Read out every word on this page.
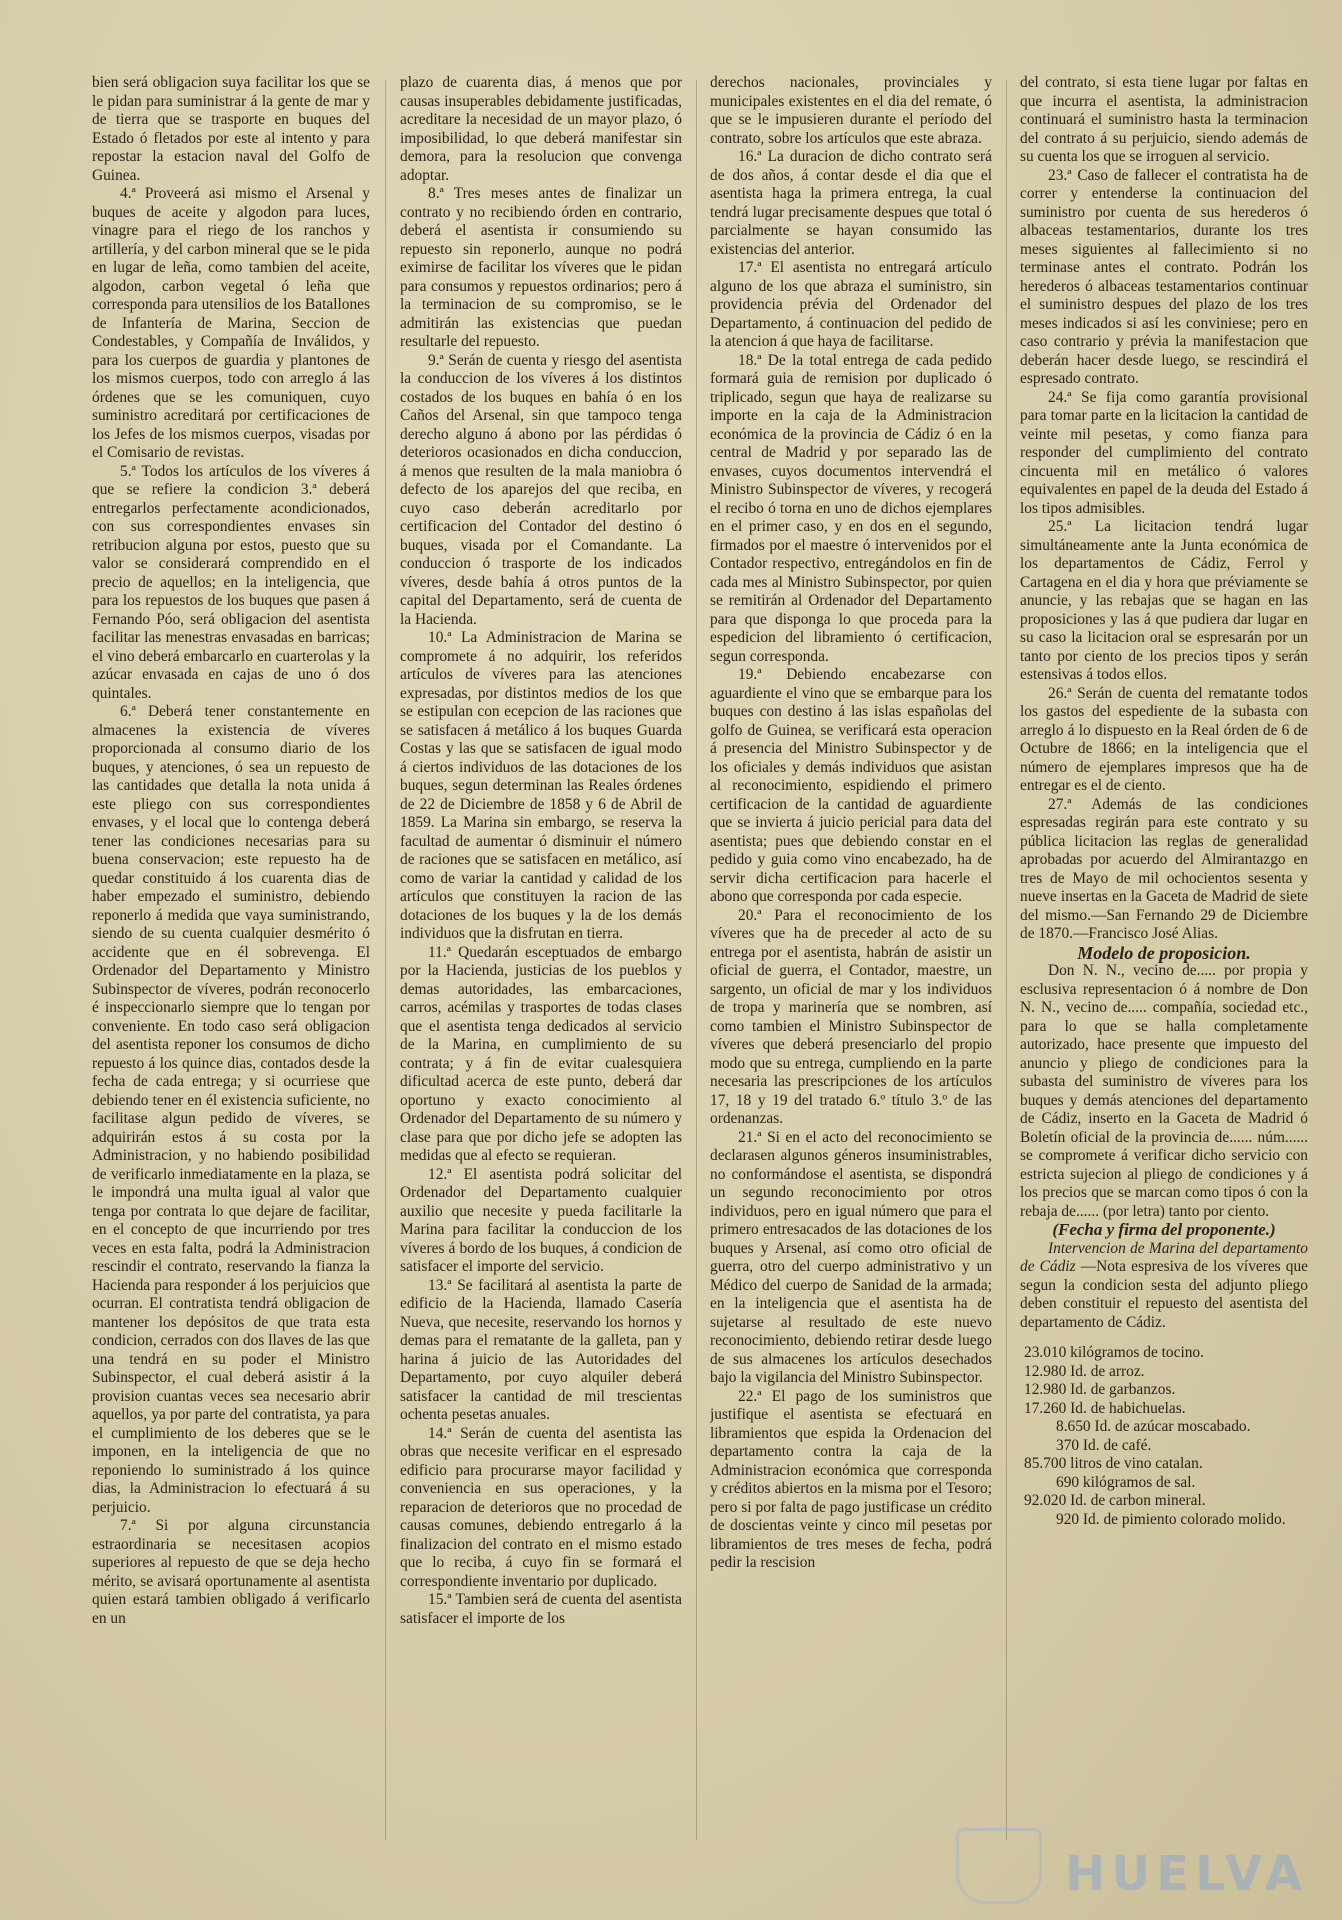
bien será obligacion suya facilitar los que se le pidan para suministrar á la gente de mar y de tierra que se trasporte en buques del Estado ó fletados por este al intento y para repostar la estacion naval del Golfo de Guinea.

4.ª Proveerá asi mismo el Arsenal y buques de aceite y algodon para luces, vinagre para el riego de los ranchos y artillería, y del carbon mineral que se le pida en lugar de leña, como tambien del aceite, algodon, carbon vegetal ó leña que corresponda para utensilios de los Batallones de Infantería de Marina, Seccion de Condestables, y Compañía de Inválidos, y para los cuerpos de guardia y plantones de los mismos cuerpos, todo con arreglo á las órdenes que se les comuniquen, cuyo suministro acreditará por certificaciones de los Jefes de los mismos cuerpos, visadas por el Comisario de revistas.

5.ª Todos los artículos de los víveres á que se refiere la condicion 3.ª deberá entregarlos perfectamente acondicionados, con sus correspondientes envases sin retribucion alguna por estos, puesto que su valor se considerará comprendido en el precio de aquellos; en la inteligencia, que para los repuestos de los buques que pasen á Fernando Póo, será obligacion del asentista facilitar las menestras envasadas en barricas; el vino deberá embarcarlo en cuarterolas y la azúcar envasada en cajas de uno ó dos quintales.

6.ª Deberá tener constantemente en almacenes la existencia de víveres proporcionada al consumo diario de los buques, y atenciones, ó sea un repuesto de las cantidades que detalla la nota unida á este pliego con sus correspondientes envases, y el local que lo contenga deberá tener las condiciones necesarias para su buena conservacion; este repuesto ha de quedar constituido á los cuarenta dias de haber empezado el suministro, debiendo reponerlo á medida que vaya suministrando, siendo de su cuenta cualquier desmérito ó accidente que en él sobrevenga. El Ordenador del Departamento y Ministro Subinspector de víveres, podrán reconocerlo é inspeccionarlo siempre que lo tengan por conveniente. En todo caso será obligacion del asentista reponer los consumos de dicho repuesto á los quince dias, contados desde la fecha de cada entrega; y si ocurriese que debiendo tener en él existencia suficiente, no facilitase algun pedido de víveres, se adquirirán estos á su costa por la Administracion, y no habiendo posibilidad de verificarlo inmediatamente en la plaza, se le impondrá una multa igual al valor que tenga por contrata lo que dejare de facilitar, en el concepto de que incurriendo por tres veces en esta falta, podrá la Administracion rescindir el contrato, reservando la fianza la Hacienda para responder á los perjuicios que ocurran. El contratista tendrá obligacion de mantener los depósitos de que trata esta condicion, cerrados con dos llaves de las que una tendrá en su poder el Ministro Subinspector, el cual deberá asistir á la provision cuantas veces sea necesario abrir aquellos, ya por parte del contratista, ya para el cumplimiento de los deberes que se le imponen, en la inteligencia de que no reponiendo lo suministrado á los quince dias, la Administracion lo efectuará á su perjuicio.

7.ª Si por alguna circunstancia estraordinaria se necesitasen acopios superiores al repuesto de que se deja hecho mérito, se avisará oportunamente al asentista quien estará tambien obligado á verificarlo en un

plazo de cuarenta dias, á menos que por causas insuperables debidamente justificadas, acreditare la necesidad de un mayor plazo, ó imposibilidad, lo que deberá manifestar sin demora, para la resolucion que convenga adoptar.

8.ª Tres meses antes de finalizar un contrato y no recibiendo órden en contrario, deberá el asentista ir consumiendo su repuesto sin reponerlo, aunque no podrá eximirse de facilitar los víveres que le pidan para consumos y repuestos ordinarios; pero á la terminacion de su compromiso, se le admitirán las existencias que puedan resultarle del repuesto.

9.ª Serán de cuenta y riesgo del asentista la conduccion de los víveres á los distintos costados de los buques en bahía ó en los Caños del Arsenal, sin que tampoco tenga derecho alguno á abono por las pérdidas ó deterioros ocasionados en dicha conduccion, á menos que resulten de la mala maniobra ó defecto de los aparejos del que reciba, en cuyo caso deberán acreditarlo por certificacion del Contador del destino ó buques, visada por el Comandante. La conduccion ó trasporte de los indicados víveres, desde bahía á otros puntos de la capital del Departamento, será de cuenta de la Hacienda.

10.ª La Administracion de Marina se compromete á no adquirir, los referidos artículos de víveres para las atenciones expresadas, por distintos medios de los que se estipulan con ecepcion de las raciones que se satisfacen á metálico á los buques Guarda Costas y las que se satisfacen de igual modo á ciertos individuos de las dotaciones de los buques, segun determinan las Reales órdenes de 22 de Diciembre de 1858 y 6 de Abril de 1859. La Marina sin embargo, se reserva la facultad de aumentar ó disminuir el número de raciones que se satisfacen en metálico, así como de variar la cantidad y calidad de los artículos que constituyen la racion de las dotaciones de los buques y la de los demás individuos que la disfrutan en tierra.

11.ª Quedarán esceptuados de embargo por la Hacienda, justicias de los pueblos y demas autoridades, las embarcaciones, carros, acémilas y trasportes de todas clases que el asentista tenga dedicados al servicio de la Marina, en cumplimiento de su contrata; y á fin de evitar cualesquiera dificultad acerca de este punto, deberá dar oportuno y exacto conocimiento al Ordenador del Departamento de su número y clase para que por dicho jefe se adopten las medidas que al efecto se requieran.

12.ª El asentista podrá solicitar del Ordenador del Departamento cualquier auxilio que necesite y pueda facilitarle la Marina para facilitar la conduccion de los víveres á bordo de los buques, á condicion de satisfacer el importe del servicio.

13.ª Se facilitará al asentista la parte de edificio de la Hacienda, llamado Casería Nueva, que necesite, reservando los hornos y demas para el rematante de la galleta, pan y harina á juicio de las Autoridades del Departamento, por cuyo alquiler deberá satisfacer la cantidad de mil trescientas ochenta pesetas anuales.

14.ª Serán de cuenta del asentista las obras que necesite verificar en el espresado edificio para procurarse mayor facilidad y conveniencia en sus operaciones, y la reparacion de deterioros que no procedad de causas comunes, debiendo entregarlo á la finalizacion del contrato en el mismo estado que lo reciba, á cuyo fin se formará el correspondiente inventario por duplicado.

15.ª Tambien será de cuenta del asentista satisfacer el importe de los

derechos nacionales, provinciales y municipales existentes en el dia del remate, ó que se le impusieren durante el período del contrato, sobre los artículos que este abraza.

16.ª La duracion de dicho contrato será de dos años, á contar desde el dia que el asentista haga la primera entrega, la cual tendrá lugar precisamente despues que total ó parcialmente se hayan consumido las existencias del anterior.

17.ª El asentista no entregará artículo alguno de los que abraza el suministro, sin providencia prévia del Ordenador del Departamento, á continuacion del pedido de la atencion á que haya de facilitarse.

18.ª De la total entrega de cada pedido formará guia de remision por duplicado ó triplicado, segun que haya de realizarse su importe en la caja de la Administracion económica de la provincia de Cádiz ó en la central de Madrid y por separado las de envases, cuyos documentos intervendrá el Ministro Subinspector de víveres, y recogerá el recibo ó torna en uno de dichos ejemplares en el primer caso, y en dos en el segundo, firmados por el maestre ó intervenidos por el Contador respectivo, entregándolos en fin de cada mes al Ministro Subinspector, por quien se remitirán al Ordenador del Departamento para que disponga lo que proceda para la espedicion del libramiento ó certificacion, segun corresponda.

19.ª Debiendo encabezarse con aguardiente el vino que se embarque para los buques con destino á las islas españolas del golfo de Guinea, se verificará esta operacion á presencia del Ministro Subinspector y de los oficiales y demás individuos que asistan al reconocimiento, espidiendo el primero certificacion de la cantidad de aguardiente que se invierta á juicio pericial para data del asentista; pues que debiendo constar en el pedido y guia como vino encabezado, ha de servir dicha certificacion para hacerle el abono que corresponda por cada especie.

20.ª Para el reconocimiento de los víveres que ha de preceder al acto de su entrega por el asentista, habrán de asistir un oficial de guerra, el Contador, maestre, un sargento, un oficial de mar y los individuos de tropa y marinería que se nombren, así como tambien el Ministro Subinspector de víveres que deberá presenciarlo del propio modo que su entrega, cumpliendo en la parte necesaria las prescripciones de los artículos 17, 18 y 19 del tratado 6.º título 3.º de las ordenanzas.

21.ª Si en el acto del reconocimiento se declarasen algunos géneros insuministrables, no conformándose el asentista, se dispondrá un segundo reconocimiento por otros individuos, pero en igual número que para el primero entresacados de las dotaciones de los buques y Arsenal, así como otro oficial de guerra, otro del cuerpo administrativo y un Médico del cuerpo de Sanidad de la armada; en la inteligencia que el asentista ha de sujetarse al resultado de este nuevo reconocimiento, debiendo retirar desde luego de sus almacenes los artículos desechados bajo la vigilancia del Ministro Subinspector.

22.ª El pago de los suministros que justifique el asentista se efectuará en libramientos que espida la Ordenacion del departamento contra la caja de la Administracion económica que corresponda y créditos abiertos en la misma por el Tesoro; pero si por falta de pago justificase un crédito de doscientas veinte y cinco mil pesetas por libramientos de tres meses de fecha, podrá pedir la rescision

del contrato, si esta tiene lugar por faltas en que incurra el asentista, la administracion continuará el suministro hasta la terminacion del contrato á su perjuicio, siendo además de su cuenta los que se irroguen al servicio.

23.ª Caso de fallecer el contratista ha de correr y entenderse la continuacion del suministro por cuenta de sus herederos ó albaceas testamentarios, durante los tres meses siguientes al fallecimiento si no terminase antes el contrato. Podrán los herederos ó albaceas testamentarios continuar el suministro despues del plazo de los tres meses indicados si así les conviniese; pero en caso contrario y prévia la manifestacion que deberán hacer desde luego, se rescindirá el espresado contrato.

24.ª Se fija como garantía provisional para tomar parte en la licitacion la cantidad de veinte mil pesetas, y como fianza para responder del cumplimiento del contrato cincuenta mil en metálico ó valores equivalentes en papel de la deuda del Estado á los tipos admisibles.

25.ª La licitacion tendrá lugar simultáneamente ante la Junta económica de los departamentos de Cádiz, Ferrol y Cartagena en el dia y hora que préviamente se anuncie, y las rebajas que se hagan en las proposiciones y las á que pudiera dar lugar en su caso la licitacion oral se espresarán por un tanto por ciento de los precios tipos y serán estensivas á todos ellos.

26.ª Serán de cuenta del rematante todos los gastos del espediente de la subasta con arreglo á lo dispuesto en la Real órden de 6 de Octubre de 1866; en la inteligencia que el número de ejemplares impresos que ha de entregar es el de ciento.

27.ª Además de las condiciones espresadas regirán para este contrato y su pública licitacion las reglas de generalidad aprobadas por acuerdo del Almirantazgo en tres de Mayo de mil ochocientos sesenta y nueve insertas en la Gaceta de Madrid de siete del mismo.—San Fernando 29 de Diciembre de 1870.—Francisco José Alias.

Modelo de proposicion.

Don N. N., vecino de..... por propia y esclusiva representacion ó á nombre de Don N. N., vecino de..... compañía, sociedad etc., para lo que se halla completamente autorizado, hace presente que impuesto del anuncio y pliego de condiciones para la subasta del suministro de víveres para los buques y demás atenciones del departamento de Cádiz, inserto en la Gaceta de Madrid ó Boletín oficial de la provincia de...... núm...... se compromete á verificar dicho servicio con estricta sujecion al pliego de condiciones y á los precios que se marcan como tipos ó con la rebaja de...... (por letra) tanto por ciento.

(Fecha y firma del proponente.)

Intervencion de Marina del departamento de Cádiz —Nota espresiva de los víveres que segun la condicion sesta del adjunto pliego deben constituir el repuesto del asentista del departamento de Cádiz.

23.010 kilógramos de tocino.
12.980 Id. de arroz.
12.980 Id. de garbanzos.
17.260 Id. de habichuelas.
8.650 Id. de azúcar moscabado.
370 Id. de café.
85.700 litros de vino catalan.
690 kilógramos de sal.
92.020 Id. de carbon mineral.
920 Id. de pimiento colorado molido.
HUELVA
